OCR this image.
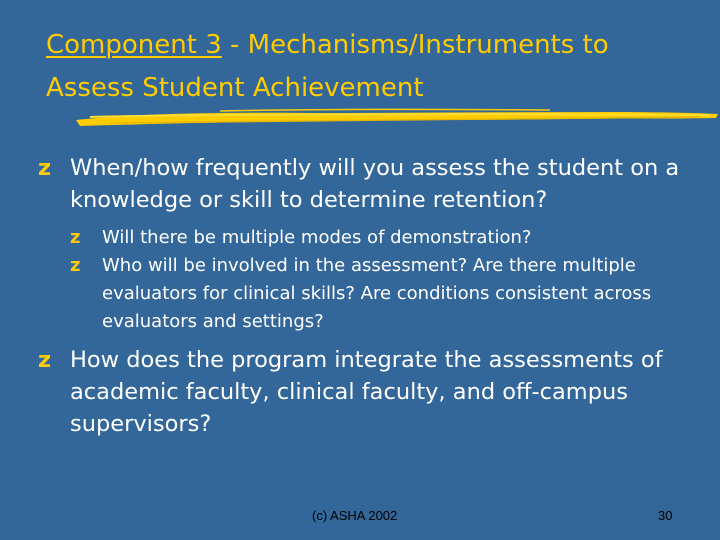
Component 3 - Mechanisms/Instruments to Assess Student Achievement
z When/how frequently will you assess the student on a knowledge or skill to determine retention?
z Will there be multiple modes of demonstration?
z Who will be involved in the assessment? Are there multiple evaluators for clinical skills? Are conditions consistent across evaluators and settings?
z How does the program integrate the assessments of academic faculty, clinical faculty, and off-campus supervisors?
(c) ASHA 2002	30
